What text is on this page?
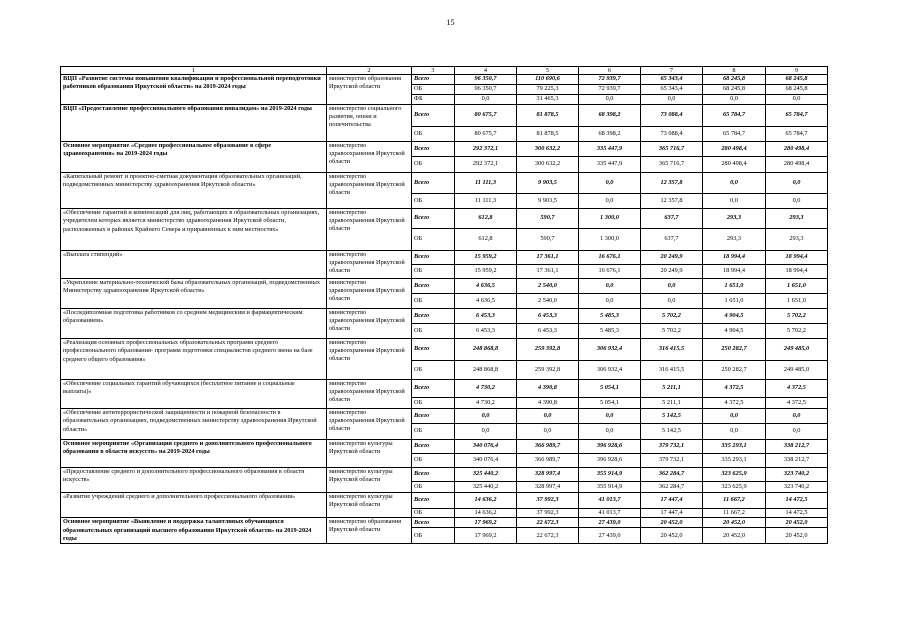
15
1	2	3	4	5	6	7	8	9
ВЦП «Развитие системы повышения квалификации и профессиональной переподготовки работников образования Иркутской области» на 2019-2024 годы	министерство образования Иркутской области	Всего	96 350,7	110 690,6	72 939,7	65 343,4	68 245,8	68 245,8
		ОБ	96 350,7	79 225,3	72 939,7	65 343,4	68 245,8	68 245,8
		ФБ	0,0	31 465,3	0,0	0,0	0,0	0,0
ВЦП «Предоставление профессионального образования инвалидам» на 2019-2024 годы	министерство социального развития, опеки и попечительства	Всего	80 675,7	81 878,5	68 398,2	73 088,4	65 784,7	65 784,7
		ОБ	80 675,7	81 878,5	68 398,2	73 088,4	65 784,7	65 784,7
Основное мероприятие «Среднее профессиональное образование в сфере здравоохранения» на 2019-2024 годы	министерство здравоохранения Иркутской области	Всего	292 372,1	300 632,2	335 447,9	365 716,7	280 498,4	280 498,4
		ОБ	292 372,1	300 632,2	335 447,9	365 716,7	280 498,4	280 498,4
«Капитальный ремонт и проектно-сметная документация образовательных организаций, подведомственных министерству здравоохранения Иркутской области»	министерство здравоохранения Иркутской области	Всего	11 111,3	9 903,5	0,0	12 357,8	0,0	0,0
		ОБ	11 111,3	9 903,5	0,0	12 357,8	0,0	0,0
«Обеспечение гарантий и компенсаций для лиц, работающих в образовательных организациях, учредителем которых является министерство здравоохранения Иркутской области, расположенных в районах Крайнего Севера и приравненных к ним местностях»	министерство здравоохранения Иркутской области	Всего	612,8	590,7	1 300,0	637,7	293,3	293,3
		ОБ	612,8	590,7	1 300,0	637,7	293,3	293,3
«Выплата стипендий»	министерство здравоохранения Иркутской области	Всего	15 959,2	17 361,1	16 676,1	20 249,9	18 994,4	18 994,4
		ОБ	15 959,2	17 361,1	16 676,1	20 249,9	18 994,4	18 994,4
«Укрепление материально-технической базы образовательных организаций, подведомственных Министерству здравоохранения Иркутской области»	министерство здравоохранения Иркутской области	Всего	4 636,5	2 540,0	0,0	0,0	1 651,0	1 651,0
		ОБ	4 636,5	2 540,0	0,0	0,0	1 651,0	1 651,0
«Последипломная подготовка работников со средним медицинским и фармацевтическим образованием»	министерство здравоохранения Иркутской области	Всего	6 453,3	6 453,3	5 485,3	5 702,2	4 904,5	5 702,2
		ОБ	6 453,3	6 453,3	5 485,3	5 702,2	4 904,5	5 702,2
«Реализация основных профессиональных образовательных программ среднего профессионального образования- программ подготовки специалистов среднего звена на базе среднего общего образования»	министерство здравоохранения Иркутской области	Всего	248 868,8	259 392,8	306 932,4	316 415,5	250 282,7	249 485,0
		ОБ	248 868,8	259 392,8	306 932,4	316 415,5	250 282,7	249 485,0
«Обеспечение социальных гарантий обучающихся (бесплатное питание и социальные выплаты)»	министерство здравоохранения Иркутской области	Всего	4 730,2	4 390,8	5 054,1	5 211,1	4 372,5	4 372,5
		ОБ	4 730,2	4 390,8	5 054,1	5 211,1	4 372,5	4 372,5
«Обеспечение антитеррористической защищенности и пожарной безопасности в образовательных организациях, подведомственных министерству здравоохранения Иркутской области»	министерство здравоохранения Иркутской области	Всего	0,0	0,0	0,0	5 142,5	0,0	0,0
		ОБ	0,0	0,0	0,0	5 142,5	0,0	0,0
Основное мероприятие «Организация среднего и дополнительного профессионального образования в области искусств» на 2019-2024 годы	министерство культуры Иркутской области	Всего	340 076,4	366 989,7	396 928,6	379 732,1	335 293,1	338 212,7
		ОБ	340 076,4	366 989,7	396 928,6	379 732,1	335 293,1	338 212,7
«Предоставление среднего и дополнительного профессионального образования в области искусств»	министерство культуры Иркутской области	Всего	325 440,2	328 997,4	355 914,9	362 284,7	323 625,9	323 740,2
		ОБ	325 440,2	328 997,4	355 914,9	362 284,7	323 625,9	323 740,2
«Развитие учреждений среднего и дополнительного профессионального образования»	министерство культуры Иркутской области	Всего	14 636,2	37 992,3	41 013,7	17 447,4	11 667,2	14 472,5
		ОБ	14 636,2	37 992,3	41 013,7	17 447,4	11 667,2	14 472,5
Основное мероприятие «Выявление и поддержка талантливых обучающихся образовательных организаций высшего образования Иркутской области» на 2019-2024 годы	министерство образования Иркутской области	Всего	17 969,2	22 672,3	27 439,0	20 452,0	20 452,0	20 452,0
		ОБ	17 969,2	22 672,3	27 439,0	20 452,0	20 452,0	20 452,0
